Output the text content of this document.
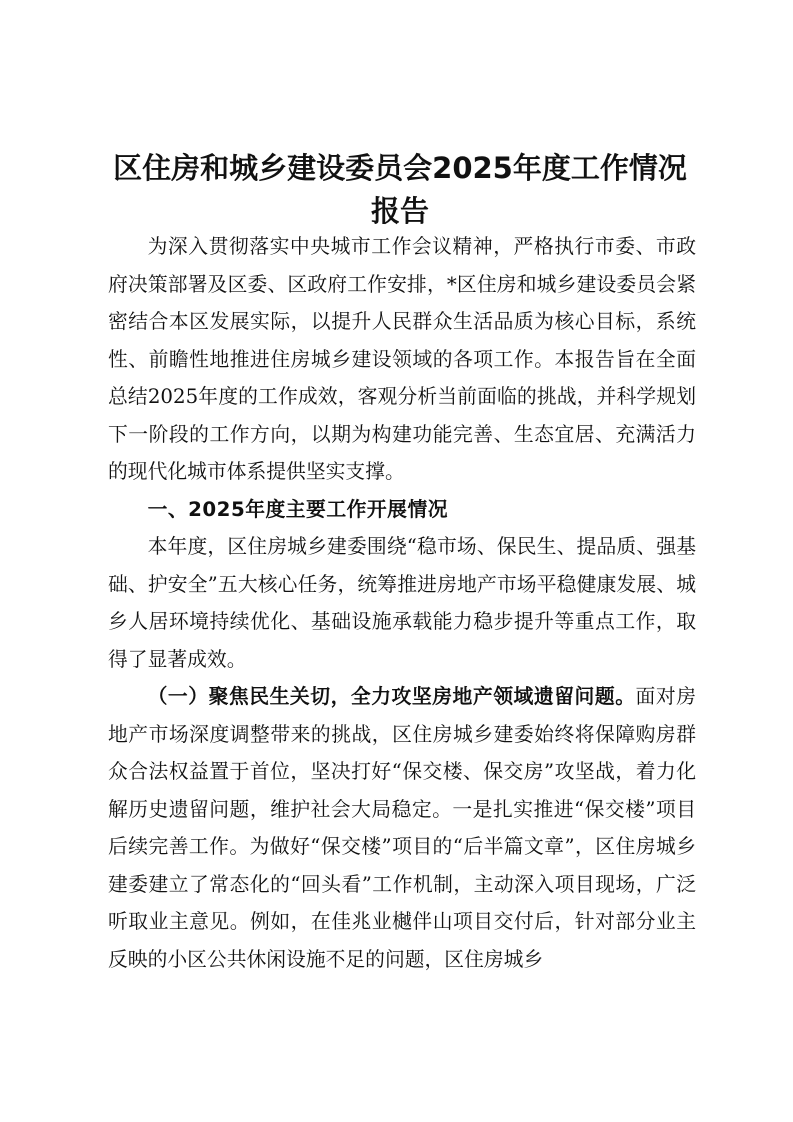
区住房和城乡建设委员会2025年度工作情况
报告

为深入贯彻落实中央城市工作会议精神，严格执行市委、市政府决策部署及区委、区政府工作安排，*区住房和城乡建设委员会紧密结合本区发展实际，以提升人民群众生活品质为核心目标，系统性、前瞻性地推进住房城乡建设领域的各项工作。本报告旨在全面总结2025年度的工作成效，客观分析当前面临的挑战，并科学规划下一阶段的工作方向，以期为构建功能完善、生态宜居、充满活力的现代化城市体系提供坚实支撑。

一、2025年度主要工作开展情况

本年度，区住房城乡建委围绕“稳市场、保民生、提品质、强基础、护安全”五大核心任务，统筹推进房地产市场平稳健康发展、城乡人居环境持续优化、基础设施承载能力稳步提升等重点工作，取得了显著成效。

（一）聚焦民生关切，全力攻坚房地产领域遗留问题。面对房地产市场深度调整带来的挑战，区住房城乡建委始终将保障购房群众合法权益置于首位，坚决打好“保交楼、保交房”攻坚战，着力化解历史遗留问题，维护社会大局稳定。一是扎实推进“保交楼”项目后续完善工作。为做好“保交楼”项目的“后半篇文章”，区住房城乡建委建立了常态化的“回头看”工作机制，主动深入项目现场，广泛听取业主意见。例如，在佳兆业樾伴山项目交付后，针对部分业主反映的小区公共休闲设施不足的问题，区住房城乡
